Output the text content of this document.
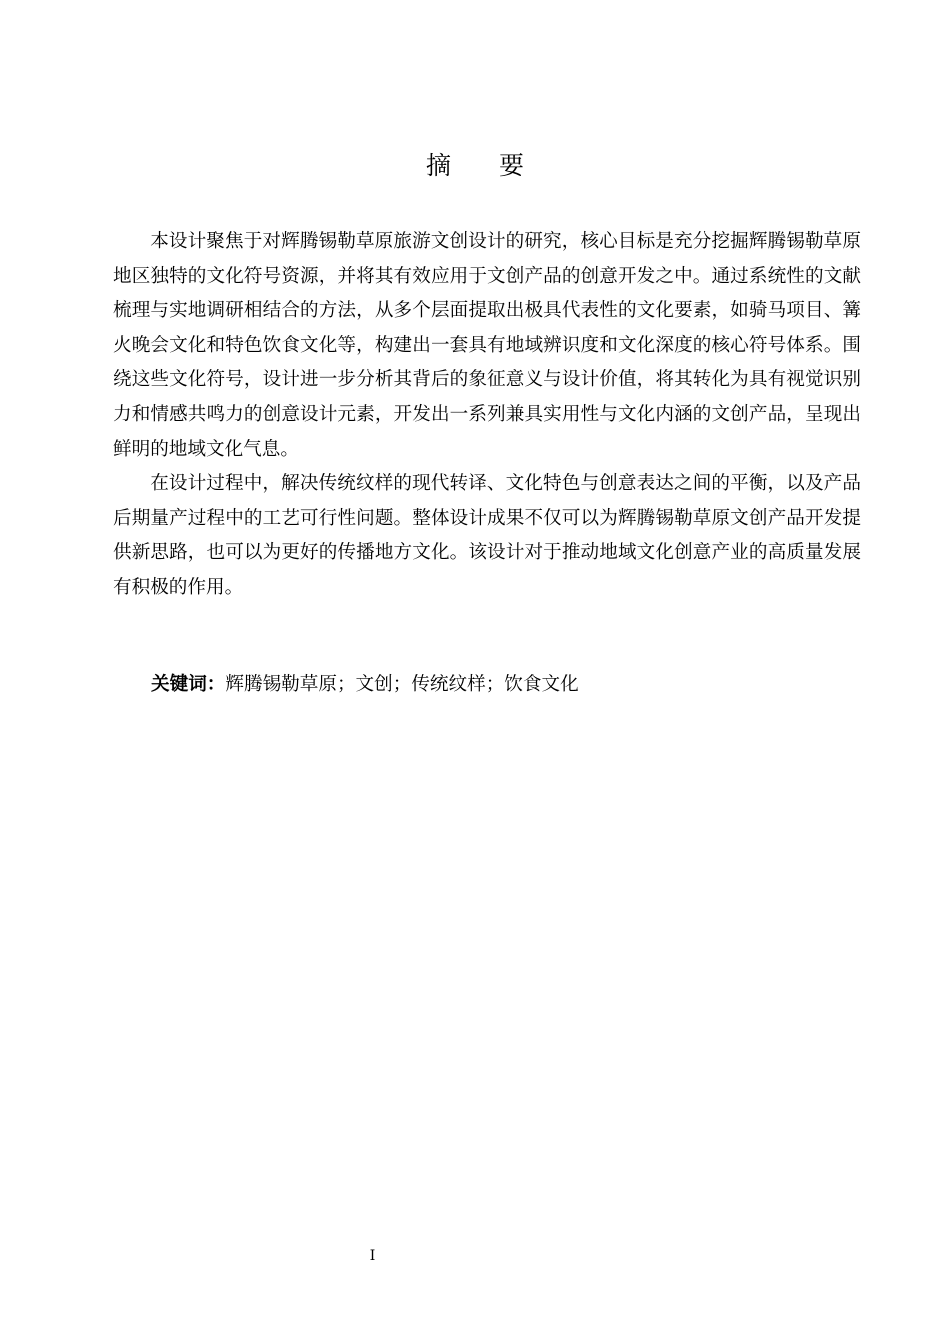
摘 要

本设计聚焦于对辉腾锡勒草原旅游文创设计的研究，核心目标是充分挖掘辉腾锡勒草原地区独特的文化符号资源，并将其有效应用于文创产品的创意开发之中。通过系统性的文献梳理与实地调研相结合的方法，从多个层面提取出极具代表性的文化要素，如骑马项目、篝火晚会文化和特色饮食文化等，构建出一套具有地域辨识度和文化深度的核心符号体系。围绕这些文化符号，设计进一步分析其背后的象征意义与设计价值，将其转化为具有视觉识别力和情感共鸣力的创意设计元素，开发出一系列兼具实用性与文化内涵的文创产品，呈现出鲜明的地域文化气息。

在设计过程中，解决传统纹样的现代转译、文化特色与创意表达之间的平衡，以及产品后期量产过程中的工艺可行性问题。整体设计成果不仅可以为辉腾锡勒草原文创产品开发提供新思路，也可以为更好的传播地方文化。该设计对于推动地域文化创意产业的高质量发展有积极的作用。

关键词：辉腾锡勒草原；文创；传统纹样；饮食文化
I
